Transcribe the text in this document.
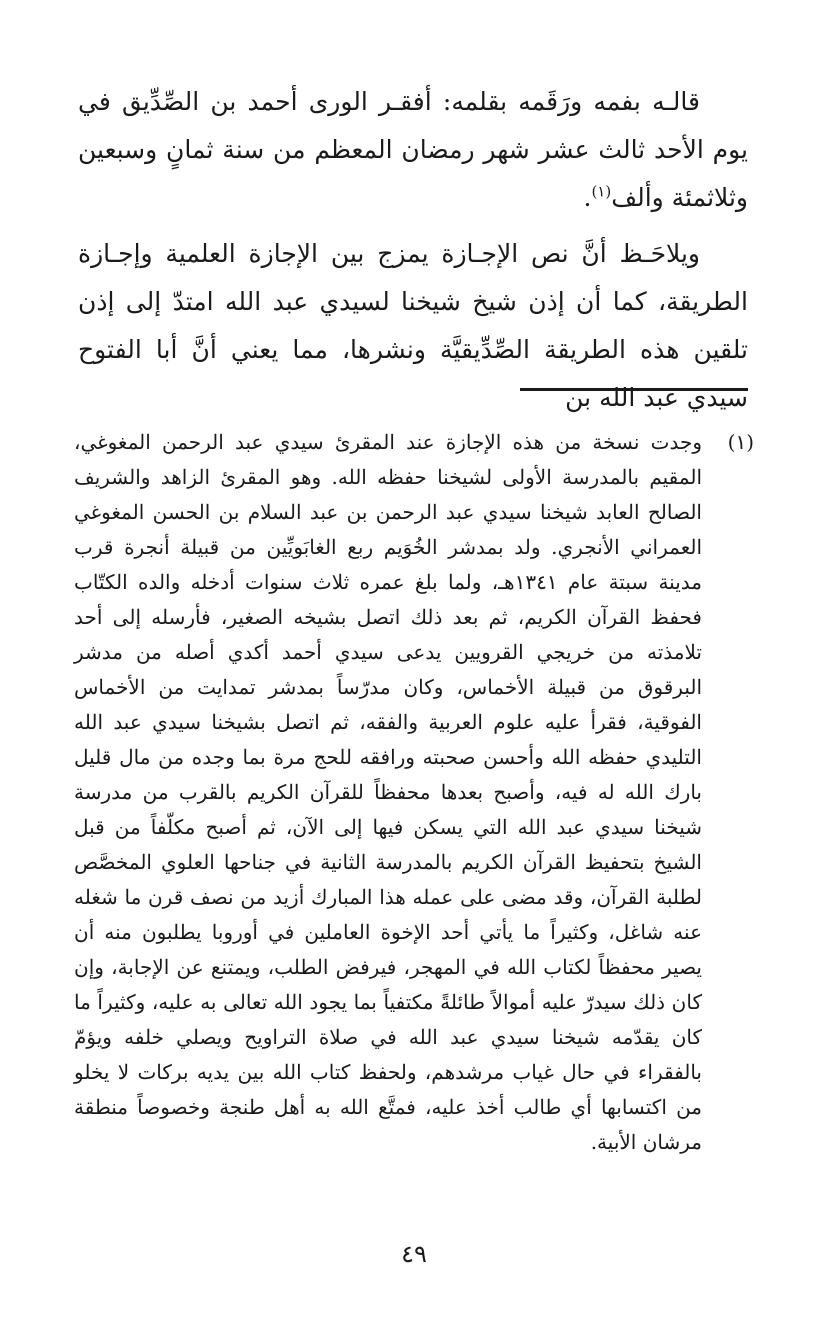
قالـه بفمه ورَقَمه بقلمه: أفقـر الورى أحمد بن الصِّدِّيق في يوم الأحد ثالث عشر شهر رمضان المعظم من سنة ثمانٍ وسبعين وثلاثمئة وألف$^{(١)}$.

ويلاحَـظ أنَّ نص الإجـازة يمزج بين الإجازة العلمية وإجـازة الطريقة، كما أن إذن شيخ شيخنا لسيدي عبد الله امتدّ إلى إذن تلقين هذه الطريقة الصِّدِّيقيَّة ونشرها، مما يعني أنَّ أبا الفتوح سيدي عبد الله بن

(١)

وجدت نسخة من هذه الإجازة عند المقرئ سيدي عبد الرحمن المغوغي، المقيم بالمدرسة الأولى لشيخنا حفظه الله. وهو المقرئ الزاهد والشريف الصالح العابد شيخنا سيدي عبد الرحمن بن عبد السلام بن الحسن المغوغي العمراني الأنجري. ولد بمدشر الخُوَيم ربع الغابَويِّين من قبيلة أنجرة قرب مدينة سبتة عام ١٣٤١هـ، ولما بلغ عمره ثلاث سنوات أدخله والده الكتّاب فحفظ القرآن الكريم، ثم بعد ذلك اتصل بشيخه الصغير، فأرسله إلى أحد تلامذته من خريجي القرويين يدعى سيدي أحمد أكدي أصله من مدشر البرقوق من قبيلة الأخماس، وكان مدرّساً بمدشر تمدايت من الأخماس الفوقية، فقرأ عليه علوم العربية والفقه، ثم اتصل بشيخنا سيدي عبد الله التليدي حفظه الله وأحسن صحبته ورافقه للحج مرة بما وجده من مال قليل بارك الله له فيه، وأصبح بعدها محفظاً للقرآن الكريم بالقرب من مدرسة شيخنا سيدي عبد الله التي يسكن فيها إلى الآن، ثم أصبح مكلّفاً من قبل الشيخ بتحفيظ القرآن الكريم بالمدرسة الثانية في جناحها العلوي المخصَّص لطلبة القرآن، وقد مضى على عمله هذا المبارك أزيد من نصف قرن ما شغله عنه شاغل، وكثيراً ما يأتي أحد الإخوة العاملين في أوروبا يطلبون منه أن يصير محفظاً لكتاب الله في المهجر، فيرفض الطلب، ويمتنع عن الإجابة، وإن كان ذلك سيدرّ عليه أموالاً طائلةً مكتفياً بما يجود الله تعالى به عليه، وكثيراً ما كان يقدّمه شيخنا سيدي عبد الله في صلاة التراويح ويصلي خلفه ويؤمّ بالفقراء في حال غياب مرشدهم، ولحفظ كتاب الله بين يديه بركات لا يخلو من اكتسابها أي طالب أخذ عليه، فمتَّع الله به أهل طنجة وخصوصاً منطقة مرشان الأبية.

٤٩
